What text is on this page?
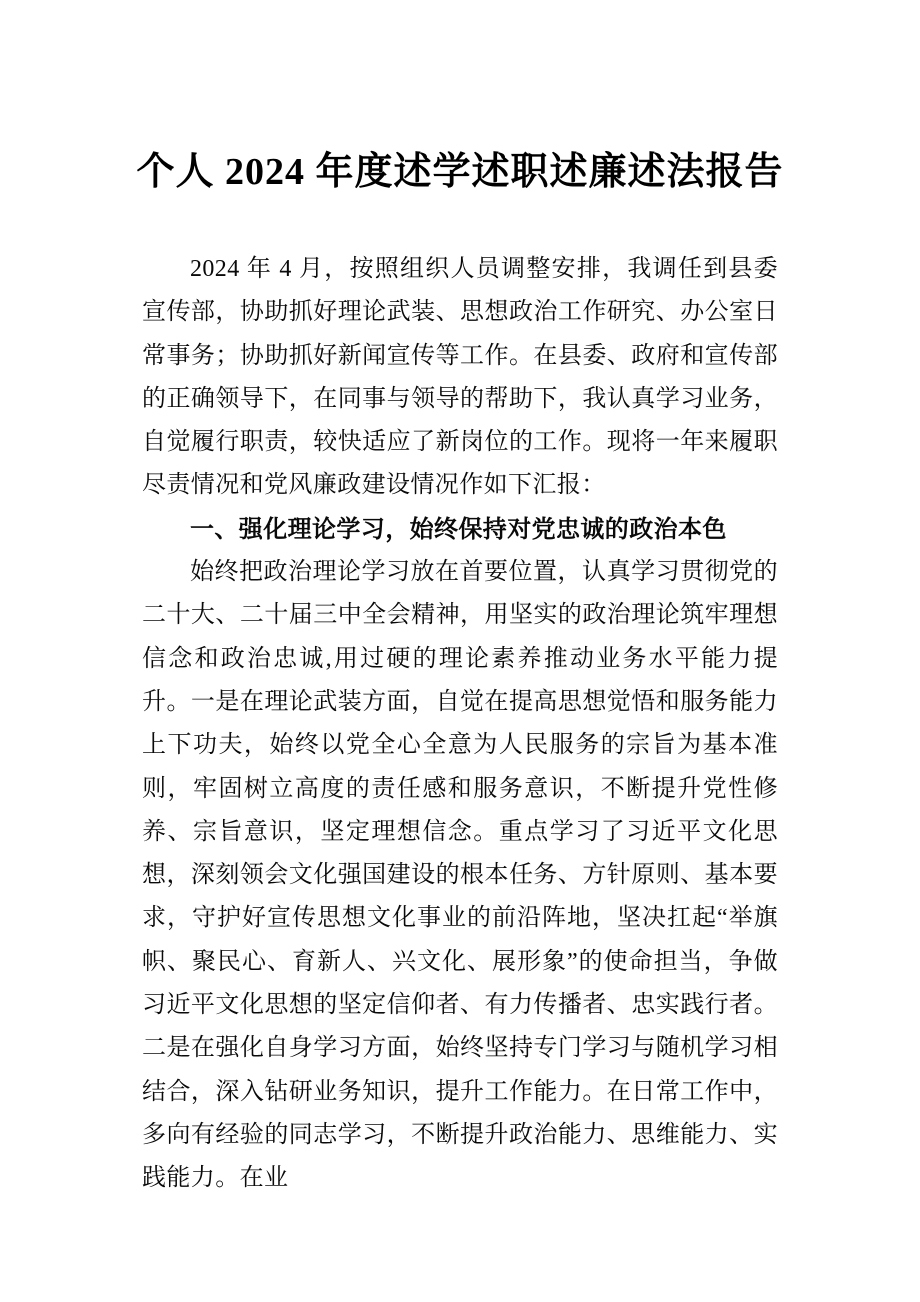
个人 2024 年度述学述职述廉述法报告

2024 年 4 月，按照组织人员调整安排，我调任到县委宣传部，协助抓好理论武装、思想政治工作研究、办公室日常事务；协助抓好新闻宣传等工作。在县委、政府和宣传部的正确领导下，在同事与领导的帮助下，我认真学习业务，自觉履行职责，较快适应了新岗位的工作。现将一年来履职尽责情况和党风廉政建设情况作如下汇报：

一、强化理论学习，始终保持对党忠诚的政治本色

始终把政治理论学习放在首要位置，认真学习贯彻党的二十大、二十届三中全会精神，用坚实的政治理论筑牢理想信念和政治忠诚,用过硬的理论素养推动业务水平能力提升。一是在理论武装方面，自觉在提高思想觉悟和服务能力上下功夫，始终以党全心全意为人民服务的宗旨为基本准则，牢固树立高度的责任感和服务意识，不断提升党性修养、宗旨意识，坚定理想信念。重点学习了习近平文化思想，深刻领会文化强国建设的根本任务、方针原则、基本要求，守护好宣传思想文化事业的前沿阵地，坚决扛起“举旗帜、聚民心、育新人、兴文化、展形象”的使命担当，争做习近平文化思想的坚定信仰者、有力传播者、忠实践行者。二是在强化自身学习方面，始终坚持专门学习与随机学习相结合，深入钻研业务知识，提升工作能力。在日常工作中，多向有经验的同志学习，不断提升政治能力、思维能力、实践能力。在业
